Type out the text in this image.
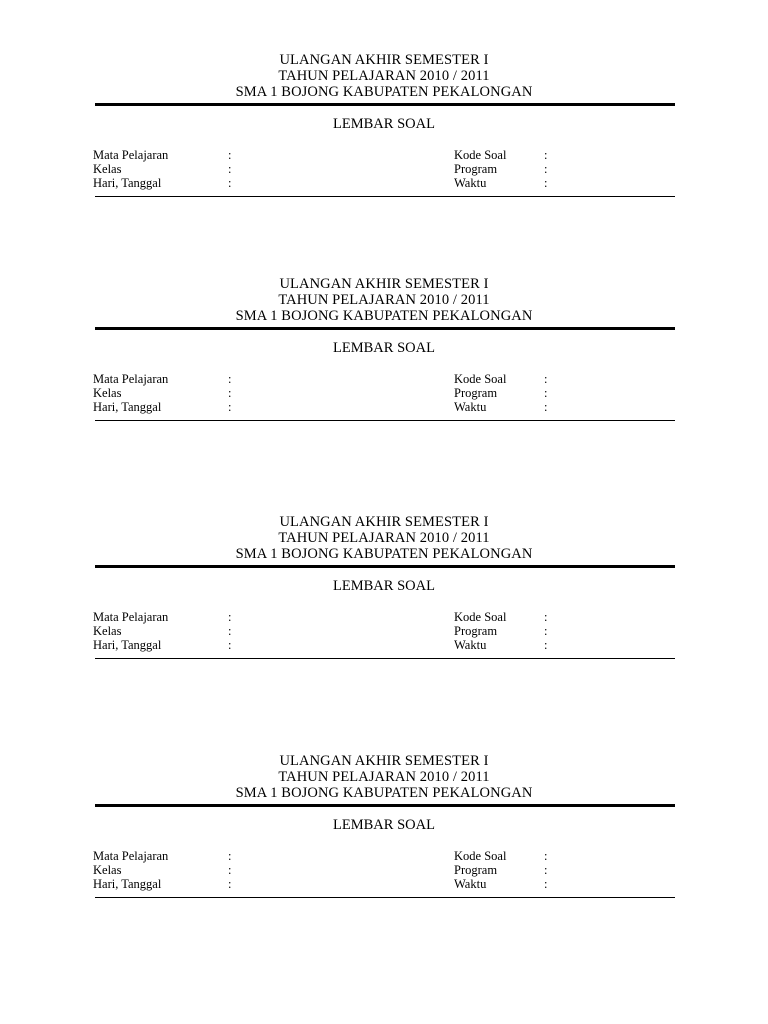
ULANGAN AKHIR SEMESTER I
TAHUN PELAJARAN 2010 / 2011
SMA 1 BOJONG KABUPATEN PEKALONGAN
LEMBAR SOAL
Mata Pelajaran	:
Kelas	:
Hari, Tanggal	:
Kode Soal	:
Program	:
Waktu	:
ULANGAN AKHIR SEMESTER I
TAHUN PELAJARAN 2010 / 2011
SMA 1 BOJONG KABUPATEN PEKALONGAN
LEMBAR SOAL
Mata Pelajaran	:
Kelas	:
Hari, Tanggal	:
Kode Soal	:
Program	:
Waktu	:
ULANGAN AKHIR SEMESTER I
TAHUN PELAJARAN 2010 / 2011
SMA 1 BOJONG KABUPATEN PEKALONGAN
LEMBAR SOAL
Mata Pelajaran	:
Kelas	:
Hari, Tanggal	:
Kode Soal	:
Program	:
Waktu	:
ULANGAN AKHIR SEMESTER I
TAHUN PELAJARAN 2010 / 2011
SMA 1 BOJONG KABUPATEN PEKALONGAN
LEMBAR SOAL
Mata Pelajaran	:
Kelas	:
Hari, Tanggal	:
Kode Soal	:
Program	:
Waktu	:
